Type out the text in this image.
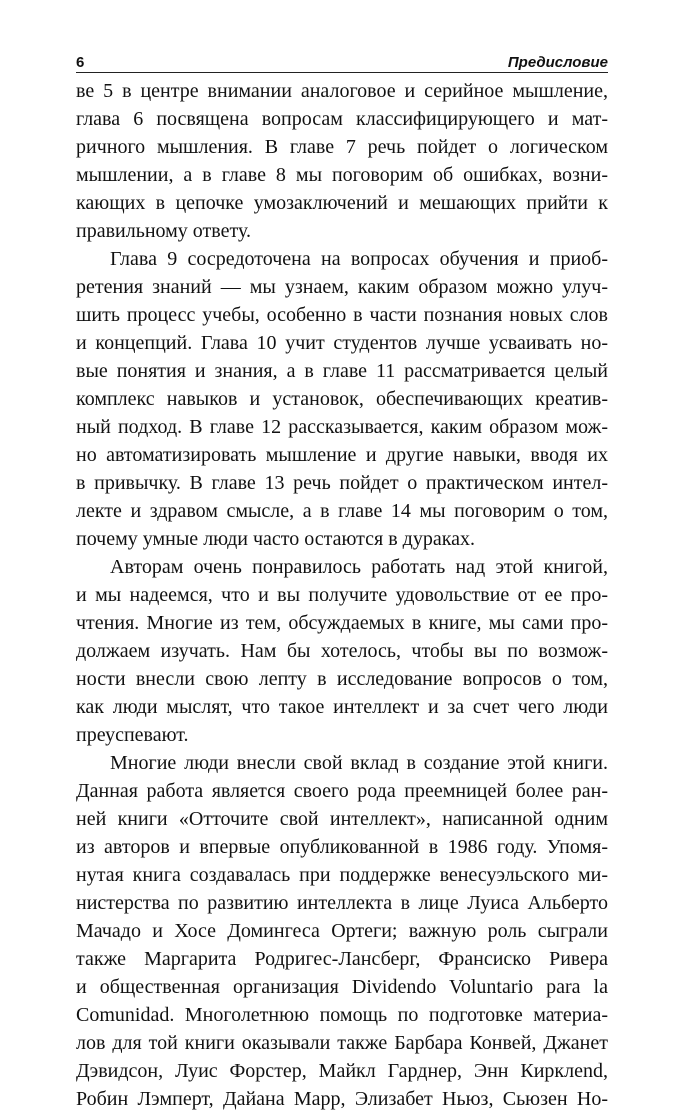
6	Предисловие
ве 5 в центре внимании аналоговое и серийное мышление,
глава 6 посвящена вопросам классифицирующего и мат-
ричного мышления. В главе 7 речь пойдет о логическом
мышлении, а в главе 8 мы поговорим об ошибках, возни-
кающих в цепочке умозаключений и мешающих прийти к
правильному ответу.
Глава 9 сосредоточена на вопросах обучения и приоб-
ретения знаний — мы узнаем, каким образом можно улуч-
шить процесс учебы, особенно в части познания новых слов
и концепций. Глава 10 учит студентов лучше усваивать но-
вые понятия и знания, а в главе 11 рассматривается целый
комплекс навыков и установок, обеспечивающих креатив-
ный подход. В главе 12 рассказывается, каким образом мож-
но автоматизировать мышление и другие навыки, вводя их
в привычку. В главе 13 речь пойдет о практическом интел-
лекте и здравом смысле, а в главе 14 мы поговорим о том,
почему умные люди часто остаются в дураках.
Авторам очень понравилось работать над этой книгой,
и мы надеемся, что и вы получите удовольствие от ее про-
чтения. Многие из тем, обсуждаемых в книге, мы сами про-
должаем изучать. Нам бы хотелось, чтобы вы по возмож-
ности внесли свою лепту в исследование вопросов о том,
как люди мыслят, что такое интеллект и за счет чего люди
преуспевают.
Многие люди внесли свой вклад в создание этой книги.
Данная работа является своего рода преемницей более ран-
ней книги «Отточите свой интеллект», написанной одним
из авторов и впервые опубликованной в 1986 году. Упомя-
нутая книга создавалась при поддержке венесуэльского ми-
нистерства по развитию интеллекта в лице Луиса Альберто
Мачадо и Хосе Домингеса Ортеги; важную роль сыграли
также Маргарита Родригес-Лансберг, Франсиско Ривера
и общественная организация Dividendo Voluntario para la
Comunidad. Многолетнюю помощь по подготовке материа-
лов для той книги оказывали также Барбара Конвей, Джанет
Дэвидсон, Луис Форстер, Майкл Гарднер, Энн Кирклend,
Робин Лэмперт, Дайана Марр, Элизабет Ньюз, Сьюзен Но-
